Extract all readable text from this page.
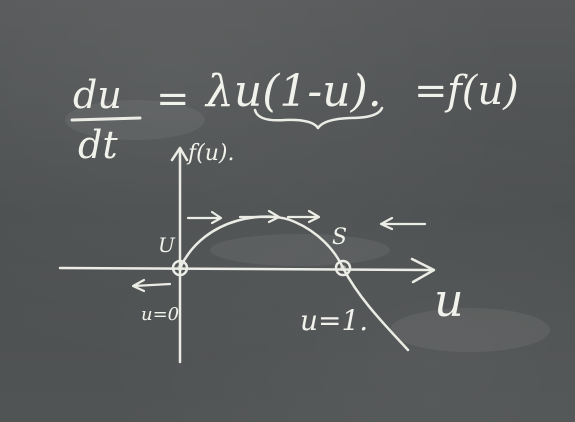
du
dt
= λu(1-u). = f(u)
f(u).
u
U	S
u=0	u=1.
